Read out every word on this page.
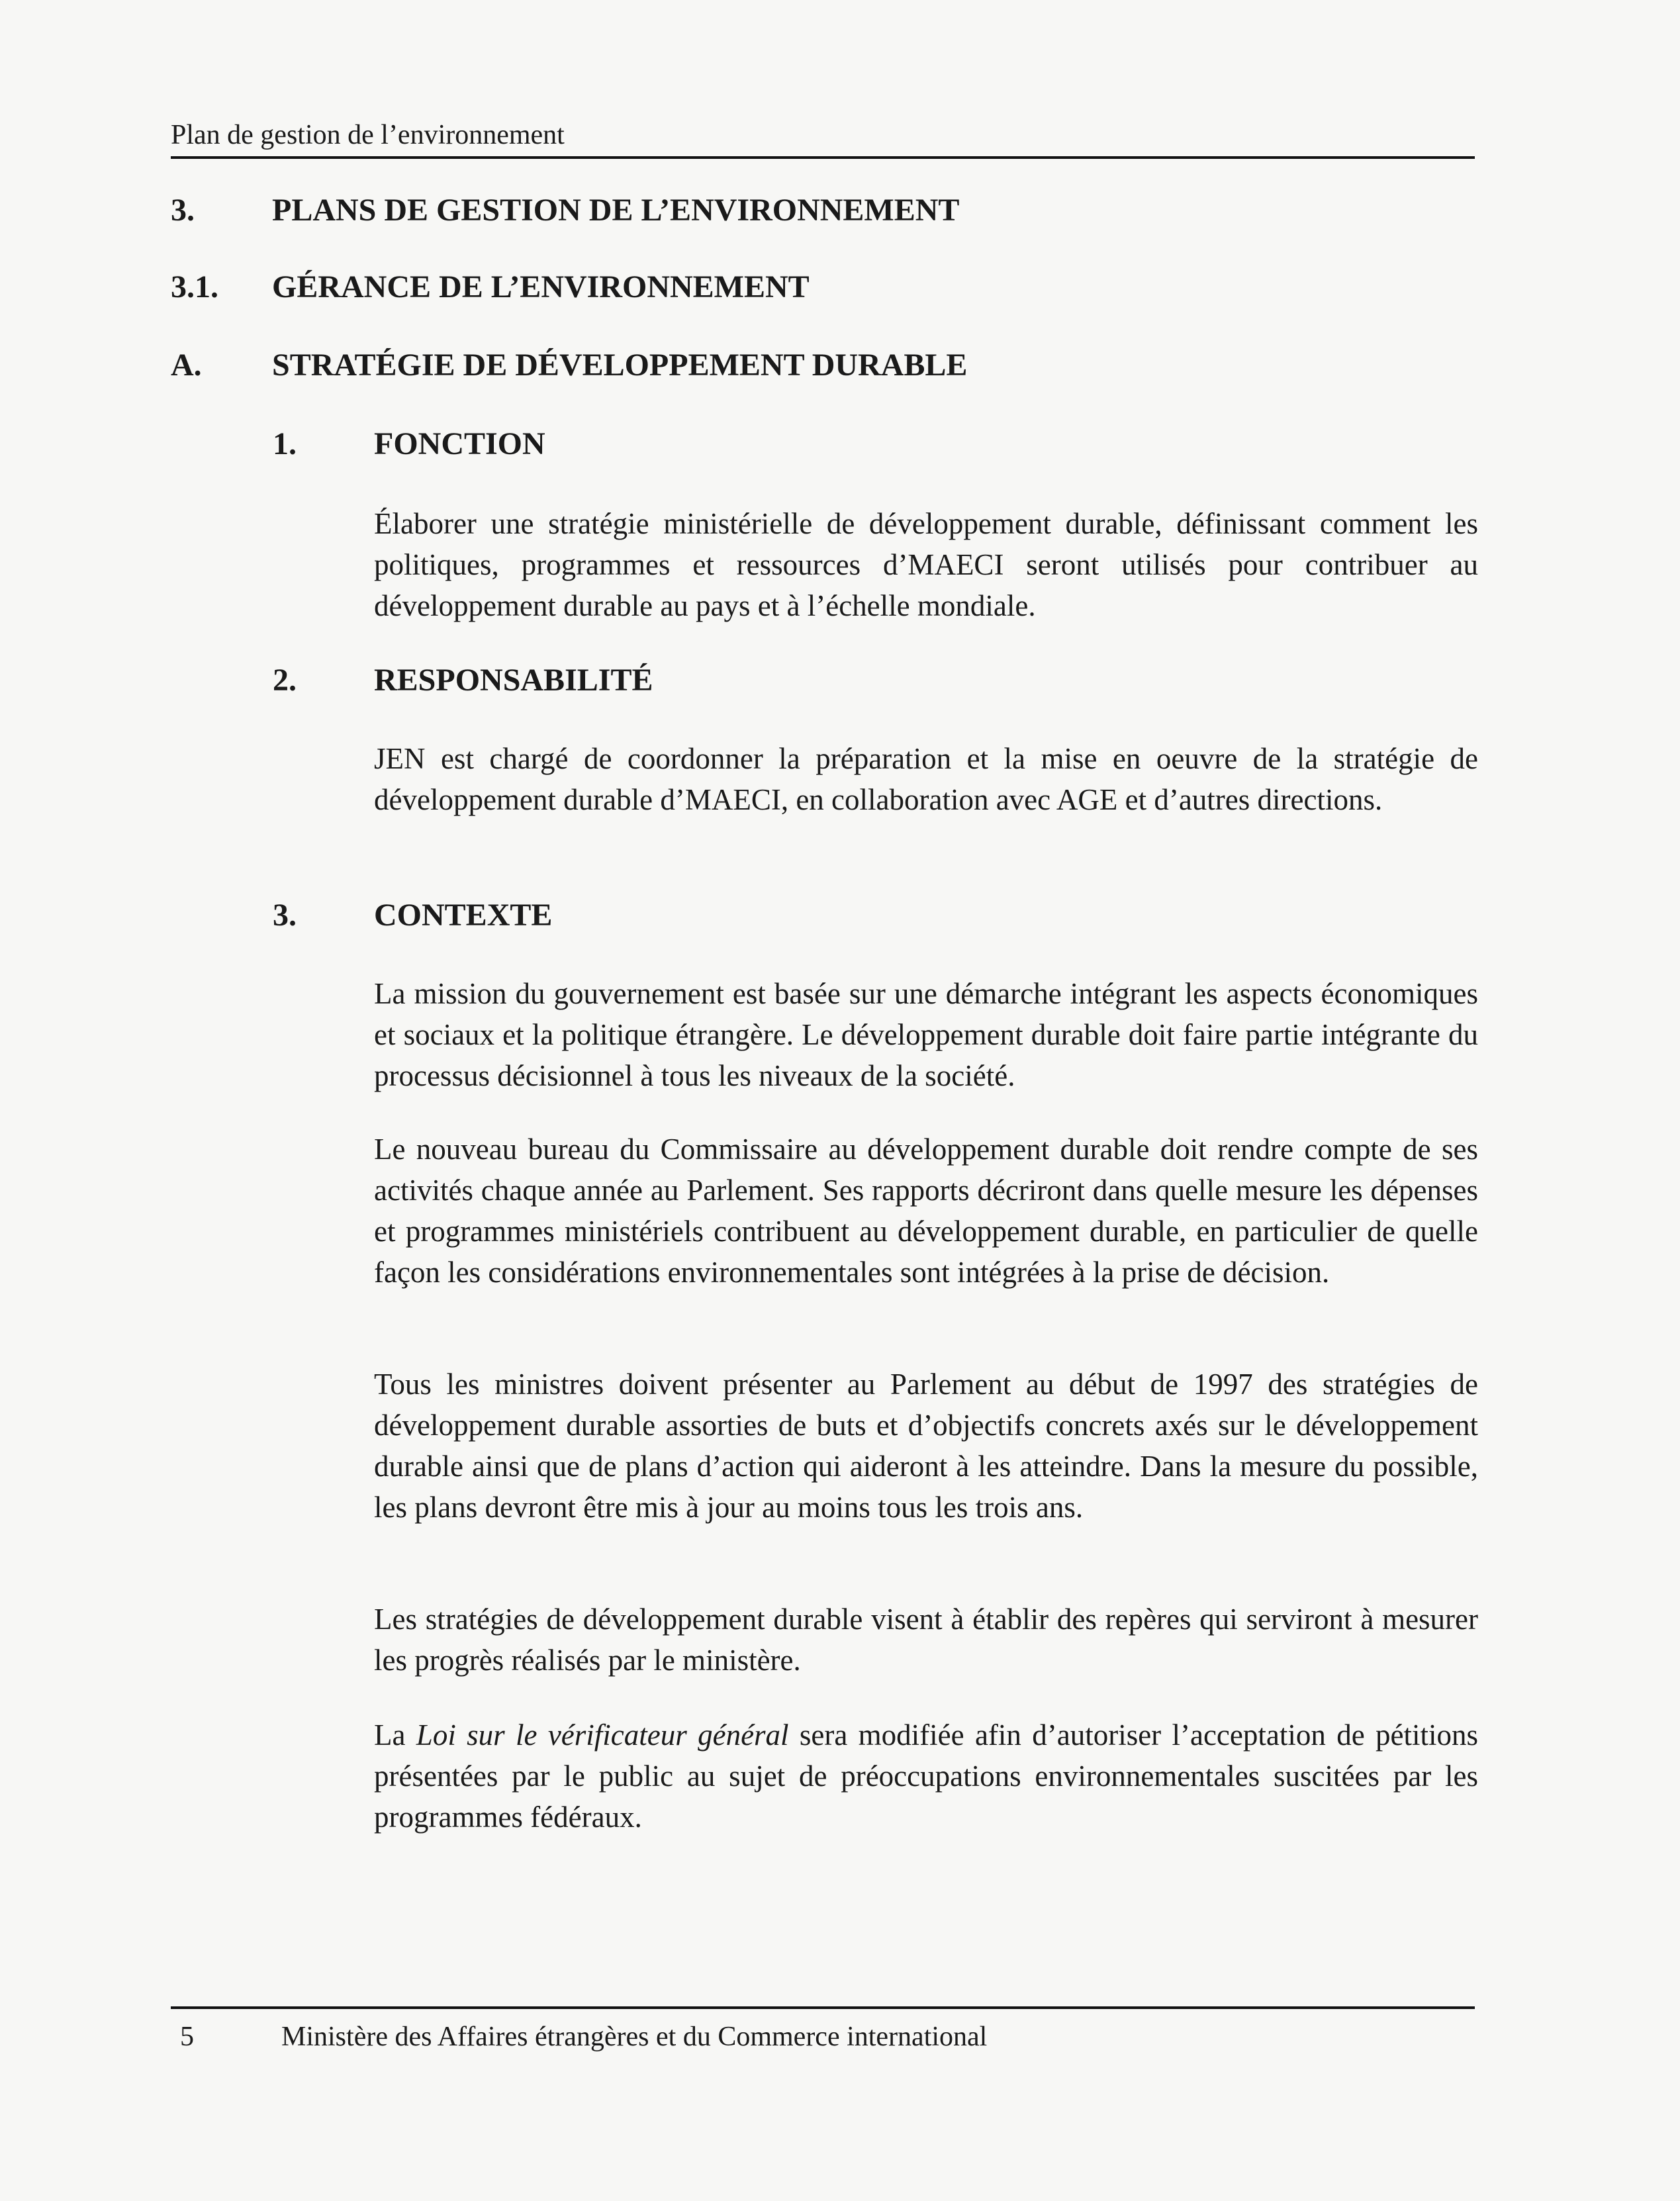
Plan de gestion de l’environnement
3. PLANS DE GESTION DE L’ENVIRONNEMENT
3.1. GÉRANCE DE L’ENVIRONNEMENT
A. STRATÉGIE DE DÉVELOPPEMENT DURABLE
1. FONCTION
Élaborer une stratégie ministérielle de développement durable, définissant comment les politiques, programmes et ressources d’MAECI seront utilisés pour contribuer au développement durable au pays et à l’échelle mondiale.
2. RESPONSABILITÉ
JEN est chargé de coordonner la préparation et la mise en oeuvre de la stratégie de développement durable d’MAECI, en collaboration avec AGE et d’autres directions.
3. CONTEXTE
La mission du gouvernement est basée sur une démarche intégrant les aspects économiques et sociaux et la politique étrangère. Le développement durable doit faire partie intégrante du processus décisionnel à tous les niveaux de la société.
Le nouveau bureau du Commissaire au développement durable doit rendre compte de ses activités chaque année au Parlement. Ses rapports décriront dans quelle mesure les dépenses et programmes ministériels contribuent au développement durable, en particulier de quelle façon les considérations environnementales sont intégrées à la prise de décision.
Tous les ministres doivent présenter au Parlement au début de 1997 des stratégies de développement durable assorties de buts et d’objectifs concrets axés sur le développement durable ainsi que de plans d’action qui aideront à les atteindre. Dans la mesure du possible, les plans devront être mis à jour au moins tous les trois ans.
Les stratégies de développement durable visent à établir des repères qui serviront à mesurer les progrès réalisés par le ministère.
La Loi sur le vérificateur général sera modifiée afin d’autoriser l’acceptation de pétitions présentées par le public au sujet de préoccupations environnementales suscitées par les programmes fédéraux.
5	Ministère des Affaires étrangères et du Commerce international
